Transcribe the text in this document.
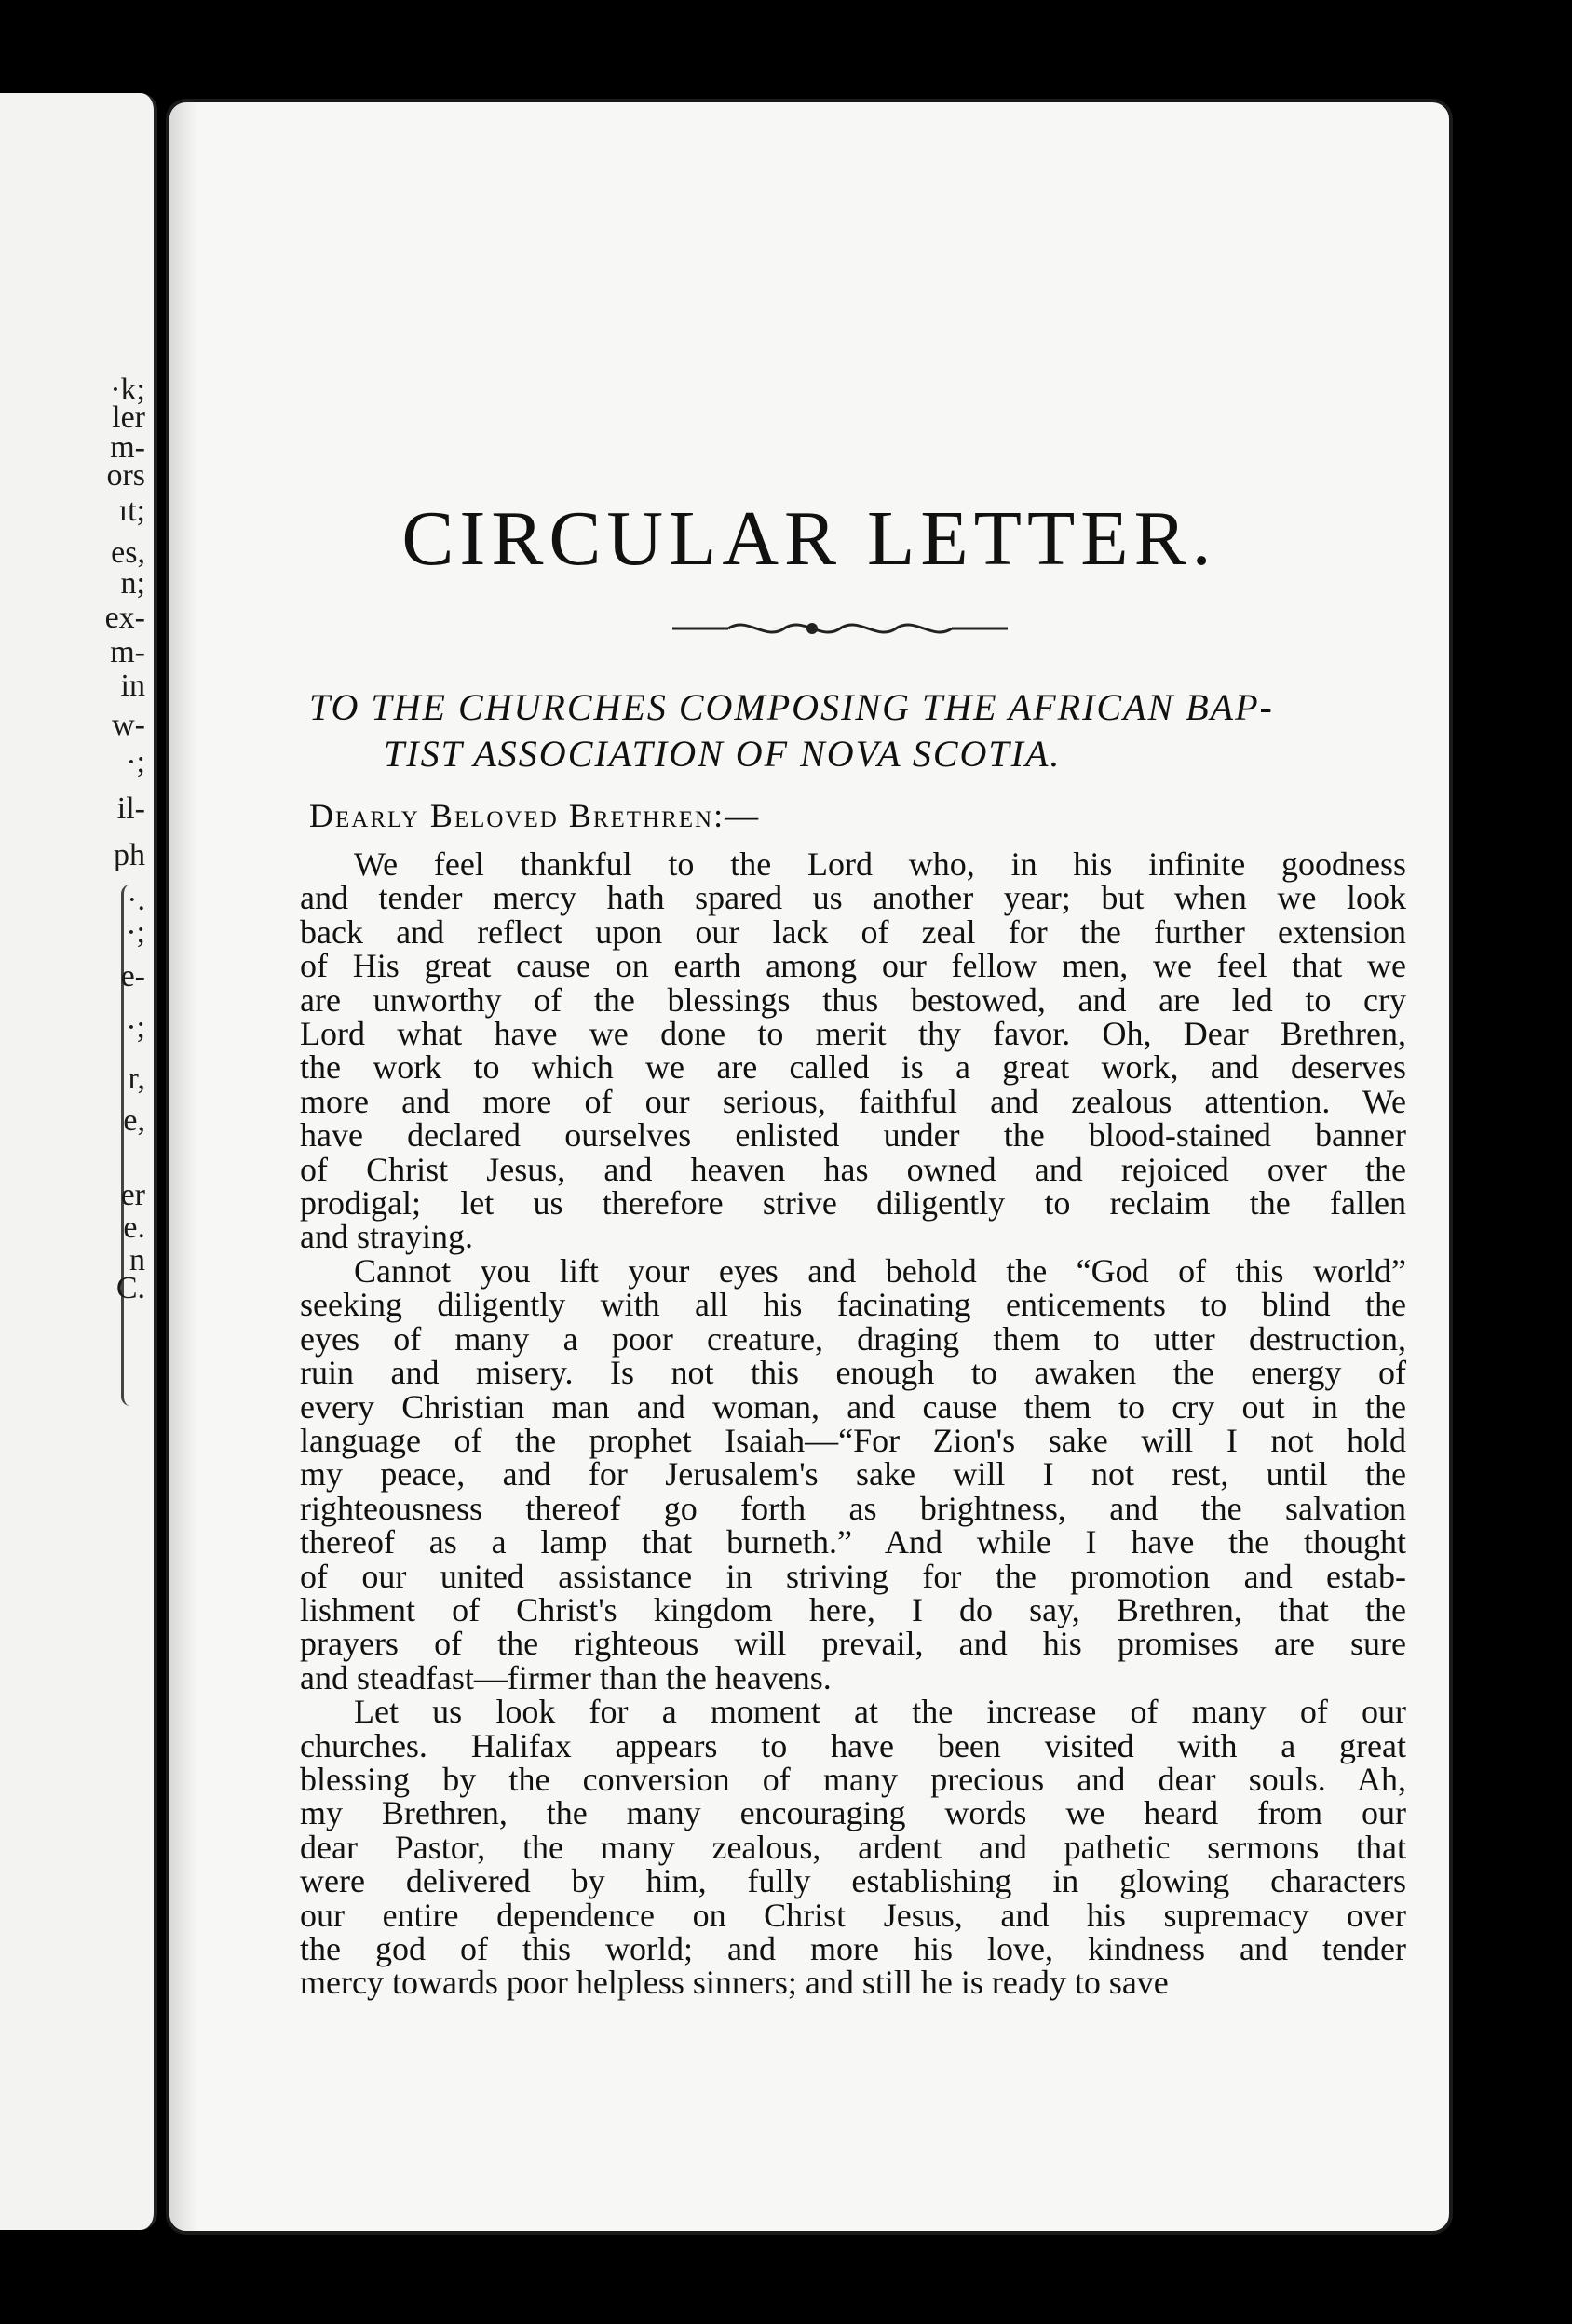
·k;
ler
m-
ors
ıt;
es,
n;
ex-
m-
in
w-
·;
il-
ph
·.
·;
e-
·;
r,
e,
er
e.
n
C.
CIRCULAR LETTER.
TO THE CHURCHES COMPOSING THE AFRICAN BAP-
TIST ASSOCIATION OF NOVA SCOTIA.
Dearly Beloved Brethren:—
We feel thankful to the Lord who, in his infinite goodness
and tender mercy hath spared us another year; but when we look
back and reflect upon our lack of zeal for the further extension
of His great cause on earth among our fellow men, we feel that we
are unworthy of the blessings thus bestowed, and are led to cry
Lord what have we done to merit thy favor. Oh, Dear Brethren,
the work to which we are called is a great work, and deserves
more and more of our serious, faithful and zealous attention. We
have declared ourselves enlisted under the blood-stained banner
of Christ Jesus, and heaven has owned and rejoiced over the
prodigal; let us therefore strive diligently to reclaim the fallen
and straying.
Cannot you lift your eyes and behold the “God of this world”
seeking diligently with all his facinating enticements to blind the
eyes of many a poor creature, draging them to utter destruction,
ruin and misery. Is not this enough to awaken the energy of
every Christian man and woman, and cause them to cry out in the
language of the prophet Isaiah—“For Zion's sake will I not hold
my peace, and for Jerusalem's sake will I not rest, until the
righteousness thereof go forth as brightness, and the salvation
thereof as a lamp that burneth.” And while I have the thought
of our united assistance in striving for the promotion and estab-
lishment of Christ's kingdom here, I do say, Brethren, that the
prayers of the righteous will prevail, and his promises are sure
and steadfast—firmer than the heavens.
Let us look for a moment at the increase of many of our
churches. Halifax appears to have been visited with a great
blessing by the conversion of many precious and dear souls. Ah,
my Brethren, the many encouraging words we heard from our
dear Pastor, the many zealous, ardent and pathetic sermons that
were delivered by him, fully establishing in glowing characters
our entire dependence on Christ Jesus, and his supremacy over
the god of this world; and more his love, kindness and tender
mercy towards poor helpless sinners; and still he is ready to save
